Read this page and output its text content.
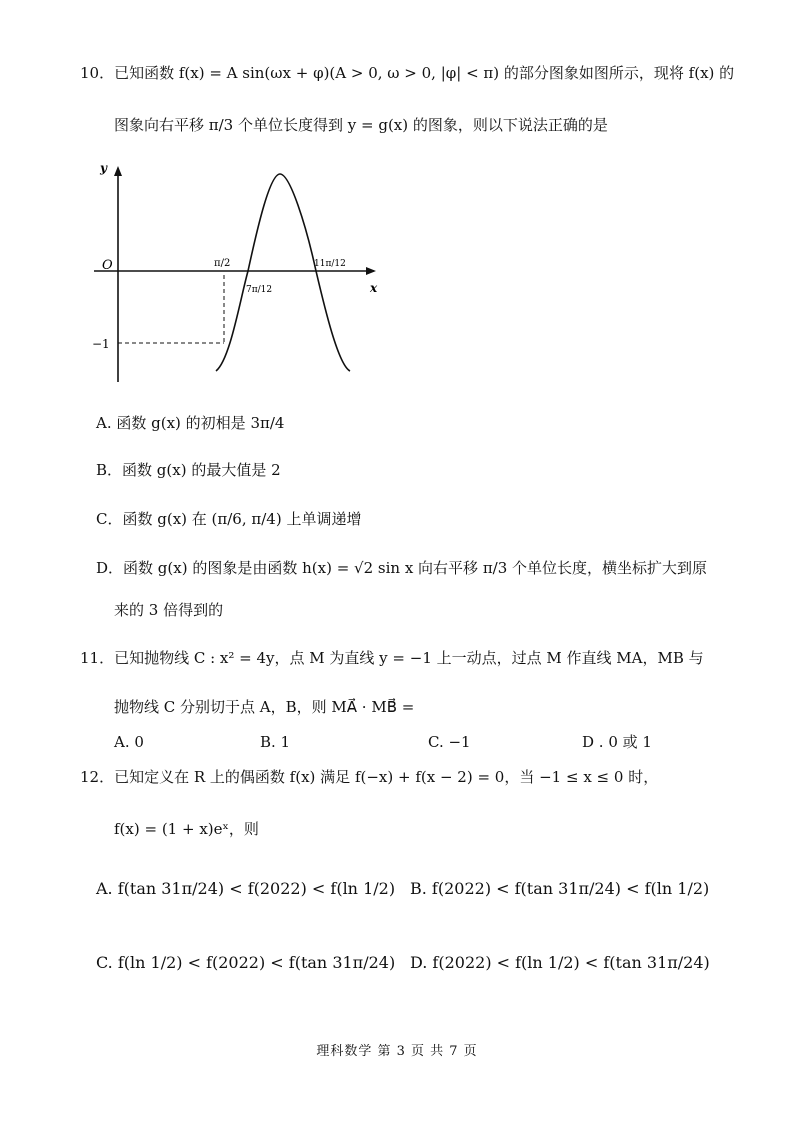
10．已知函数 f(x) = A sin(ωx + φ)(A > 0, ω > 0, |φ| < π) 的部分图象如图所示，现将 f(x) 的
图象向右平移 π/3 个单位长度得到 y = g(x) 的图象，则以下说法正确的是
y
x
O
−1
π/2
7π/12
11π/12
A. 函数 g(x) 的初相是 3π/4
B．函数 g(x) 的最大值是 2
C．函数 g(x) 在 (π/6, π/4) 上单调递增
D．函数 g(x) 的图象是由函数 h(x) = √2 sin x 向右平移 π/3 个单位长度，横坐标扩大到原
来的 3 倍得到的
11．已知抛物线 C : x² = 4y，点 M 为直线 y = −1 上一动点，过点 M 作直线 MA，MB 与
抛物线 C 分别切于点 A，B，则 MA⃗ · MB⃗ =
A. 0	B. 1	C. −1	D . 0 或 1
12．已知定义在 R 上的偶函数 f(x) 满足 f(−x) + f(x − 2) = 0，当 −1 ≤ x ≤ 0 时，
f(x) = (1 + x)eˣ，则
A. f(tan 31π/24) < f(2022) < f(ln 1/2) B. f(2022) < f(tan 31π/24) < f(ln 1/2)
C. f(ln 1/2) < f(2022) < f(tan 31π/24) D. f(2022) < f(ln 1/2) < f(tan 31π/24)
理科数学 第 3 页 共 7 页
